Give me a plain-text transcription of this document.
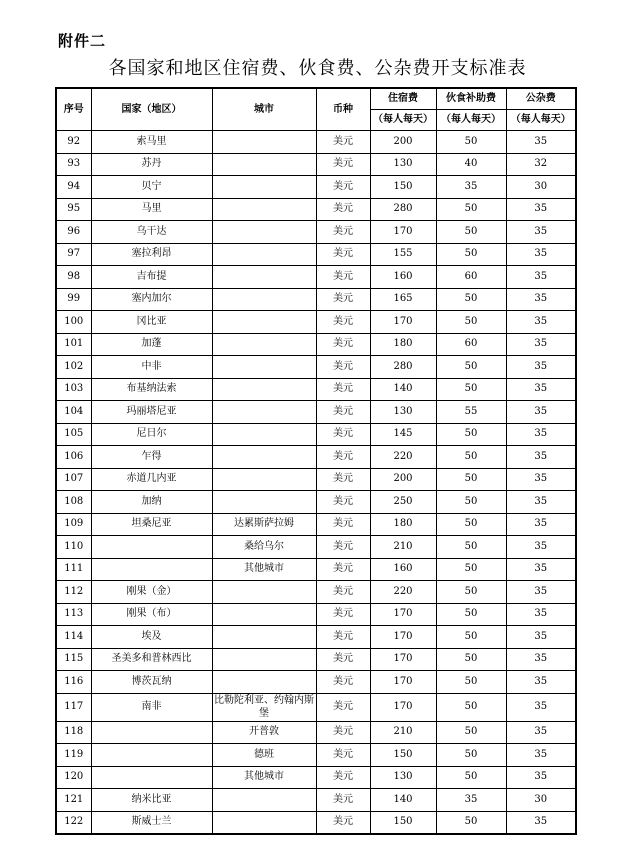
附件二
各国家和地区住宿费、伙食费、公杂费开支标准表
序号	国家（地区）	城市	币种	住宿费	伙食补助费	公杂费
				（每人每天）	（每人每天）	（每人每天）
92	索马里		美元	200	50	35
93	苏丹		美元	130	40	32
94	贝宁		美元	150	35	30
95	马里		美元	280	50	35
96	乌干达		美元	170	50	35
97	塞拉利昂		美元	155	50	35
98	吉布提		美元	160	60	35
99	塞内加尔		美元	165	50	35
100	冈比亚		美元	170	50	35
101	加蓬		美元	180	60	35
102	中非		美元	280	50	35
103	布基纳法索		美元	140	50	35
104	玛丽塔尼亚		美元	130	55	35
105	尼日尔		美元	145	50	35
106	乍得		美元	220	50	35
107	赤道几内亚		美元	200	50	35
108	加纳		美元	250	50	35
109	坦桑尼亚	达累斯萨拉姆	美元	180	50	35
110		桑给乌尔	美元	210	50	35
111		其他城市	美元	160	50	35
112	刚果（金）		美元	220	50	35
113	刚果（布）		美元	170	50	35
114	埃及		美元	170	50	35
115	圣美多和普林西比		美元	170	50	35
116	博茨瓦纳		美元	170	50	35
117	南非	比勒陀利亚、约翰内斯堡	美元	170	50	35
118		开普敦	美元	210	50	35
119		德班	美元	150	50	35
120		其他城市	美元	130	50	35
121	纳米比亚		美元	140	35	30
122	斯威士兰		美元	150	50	35
